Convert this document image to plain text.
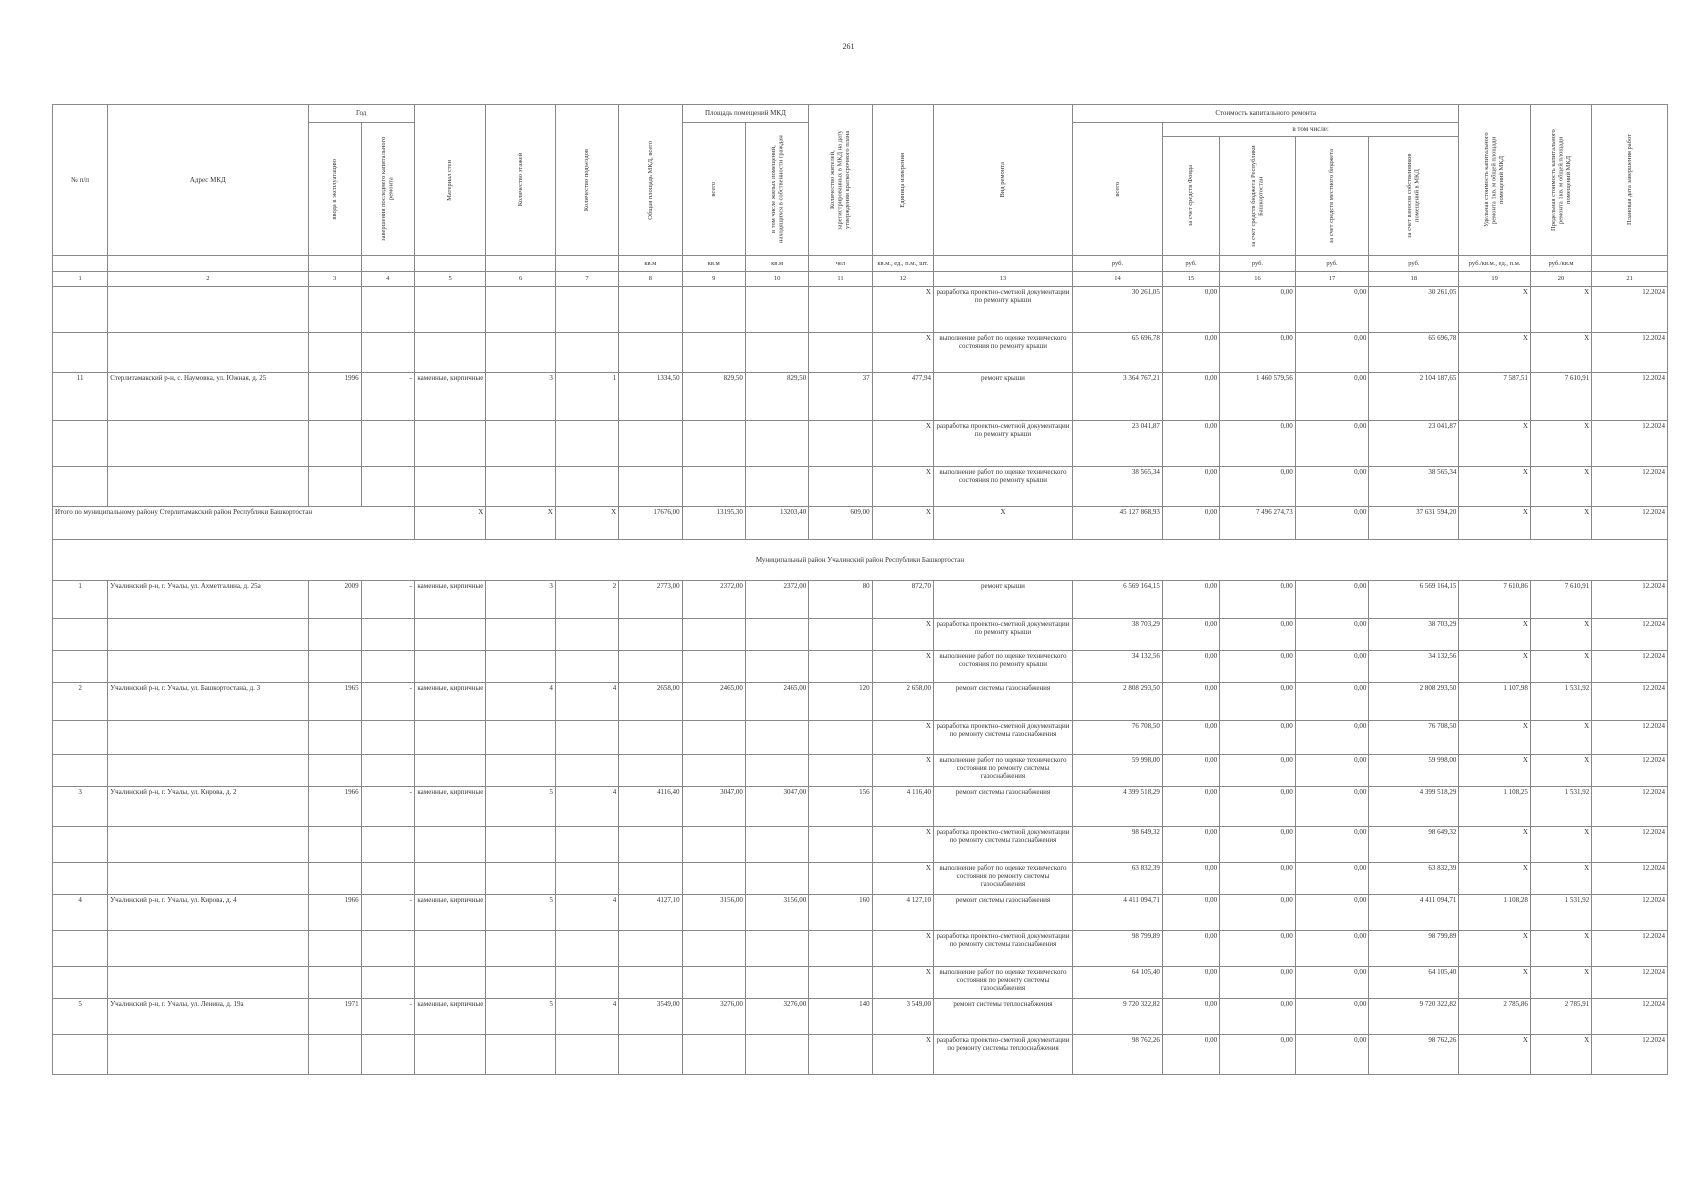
261
№ п/п	Адрес МКД	Год		Материал стен	Количество этажей	Количество подъездов	Общая площадь МКД, всего	Площадь помещений МКД		Количество жителей, зарегистрированных в МКД на дату утверждения краткосрочного плана	Единица измерения	Вид ремонта	Стоимость капитального ремонта					Удельная стоимость капитального ремонта 1кв. м общей площади помещений МКД	Предельная стоимость капитального ремонта 1кв. м общей площади помещений МКД	Плановая дата завершения работ

		ввода в эксплуатацию	завершения последнего капитального ремонта					всего	в том числе жилых помещений, находящихся в собственности граждан				всего	в том числе:						

														за счет средств Фонда	за счет средств бюджета Республики Башкортостан	за счет средств местного бюджета	за счет взносов собственников помещений в МКД			

							кв.м	кв.м	кв.м	чел	кв.м., ед., п.м., шт.		руб.	руб.	руб.	руб.	руб.	руб./кв.м., ед., п.м.	руб./кв.м	
1	2	3	4	5	6	7	8	9	10	11	12	13	14	15	16	17	18	19	20	21
											X	разработка проектно-сметной документации по ремонту крыши	30 261,05	0,00	0,00	0,00	30 261,05	X	X	12.2024
											X	выполнение работ по оценке технического состояния по ремонту крыши	65 696,78	0,00	0,00	0,00	65 696,78	X	X	12.2024
11	Стерлитамакский р-н, с. Наумовка, ул. Южная, д. 25	1996	-	каменные, кирпичные	3	1	1334,50	829,50	829,50	37	477,94	ремонт крыши	3 364 767,21	0,00	1 460 579,56	0,00	2 104 187,65	7 587,51	7 610,91	12.2024
											X	разработка проектно-сметной документации по ремонту крыши	23 041,87	0,00	0,00	0,00	23 041,87	X	X	12.2024
											X	выполнение работ по оценке технического состояния по ремонту крыши	38 565,34	0,00	0,00	0,00	38 565,34	X	X	12.2024
Итого по муниципальному району Стерлитамакский район Республики Башкортостан				X	X	X	17676,00	13195,30	13203,40	609,00	X	X	45 127 868,93	0,00	7 496 274,73	0,00	37 631 594,20	X	X	12.2024
Муниципальный район Учалинский район Республики Башкортостан																				
1	Учалинский р-н, г. Учалы, ул. Ахметгалина, д. 25а	2009	-	каменные, кирпичные	3	2	2773,00	2372,00	2372,00	80	872,70	ремонт крыши	6 569 164,15	0,00	0,00	0,00	6 569 164,15	7 610,86	7 610,91	12.2024
											X	разработка проектно-сметной документации по ремонту крыши	38 703,29	0,00	0,00	0,00	38 703,29	X	X	12.2024
											X	выполнение работ по оценке технического состояния по ремонту крыши	34 132,56	0,00	0,00	0,00	34 132,56	X	X	12.2024
2	Учалинский р-н, г. Учалы, ул. Башкортостана, д. 3	1965	-	каменные, кирпичные	4	4	2658,00	2465,00	2465,00	120	2 658,00	ремонт системы газоснабжения	2 808 293,50	0,00	0,00	0,00	2 808 293,50	1 107,98	1 531,92	12.2024
											X	разработка проектно-сметной документации по ремонту системы газоснабжения	76 708,50	0,00	0,00	0,00	76 708,50	X	X	12.2024
											X	выполнение работ по оценке технического состояния по ремонту системы газоснабжения	59 998,00	0,00	0,00	0,00	59 998,00	X	X	12.2024
3	Учалинский р-н, г. Учалы, ул. Кирова, д. 2	1966	-	каменные, кирпичные	5	4	4116,40	3047,00	3047,00	156	4 116,40	ремонт системы газоснабжения	4 399 518,29	0,00	0,00	0,00	4 399 518,29	1 108,25	1 531,92	12.2024
											X	разработка проектно-сметной документации по ремонту системы газоснабжения	98 649,32	0,00	0,00	0,00	98 649,32	X	X	12.2024
											X	выполнение работ по оценке технического состояния по ремонту системы газоснабжения	63 832,39	0,00	0,00	0,00	63 832,39	X	X	12.2024
4	Учалинский р-н, г. Учалы, ул. Кирова, д. 4	1966	-	каменные, кирпичные	5	4	4127,10	3156,00	3156,00	160	4 127,10	ремонт системы газоснабжения	4 411 094,71	0,00	0,00	0,00	4 411 094,71	1 108,28	1 531,92	12.2024
											X	разработка проектно-сметной документации по ремонту системы газоснабжения	98 799,89	0,00	0,00	0,00	98 799,89	X	X	12.2024
											X	выполнение работ по оценке технического состояния по ремонту системы газоснабжения	64 105,40	0,00	0,00	0,00	64 105,40	X	X	12.2024
5	Учалинский р-н, г. Учалы, ул. Ленина, д. 19а	1971	-	каменные, кирпичные	5	4	3549,00	3276,00	3276,00	140	3 549,00	ремонт системы теплоснабжения	9 720 322,82	0,00	0,00	0,00	9 720 322,82	2 785,86	2 785,91	12.2024
											X	разработка проектно-сметной документации по ремонту системы теплоснабжения	98 762,26	0,00	0,00	0,00	98 762,26	X	X	12.2024
